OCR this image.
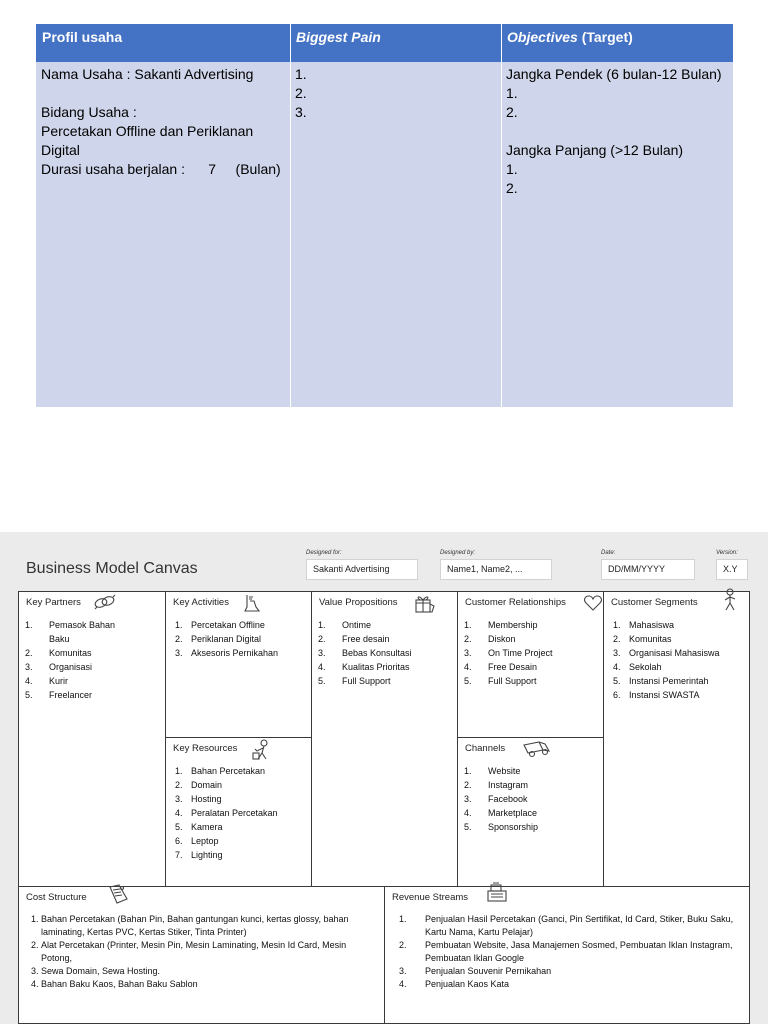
Profil usaha	Biggest Pain	Objectives (Target)
Nama Usaha : Sakanti Advertising
Bidang Usaha :
Percetakan Offline dan Periklanan
Digital
Durasi usaha berjalan :      7     (Bulan)
1.
2.
3.
Jangka Pendek (6 bulan-12 Bulan)
1.
2.
Jangka Panjang (>12 Bulan)
1.
2.
Business Model Canvas
Designed for:
Sakanti Advertising
Designed by:
Name1, Name2, ...
Date:
DD/MM/YYYY
Version:
X.Y
Key Partners
1. Pemasok Bahan Baku
2. Komunitas
3. Organisasi
4. Kurir
5. Freelancer
Key Activities
1. Percetakan Offline
2. Periklanan Digital
3. Aksesoris Pernikahan
Key Resources
1. Bahan Percetakan
2. Domain
3. Hosting
4. Peralatan Percetakan
5. Kamera
6. Leptop
7. Lighting
Value Propositions
1. Ontime
2. Free desain
3. Bebas Konsultasi
4. Kualitas Prioritas
5. Full Support
Customer Relationships
1. Membership
2. Diskon
3. On Time Project
4. Free Desain
5. Full Support
Channels
1. Website
2. Instagram
3. Facebook
4. Marketplace
5. Sponsorship
Customer Segments
1. Mahasiswa
2. Komunitas
3. Organisasi Mahasiswa
4. Sekolah
5. Instansi Pemerintah
6. Instansi SWASTA
Cost Structure
1. Bahan Percetakan (Bahan Pin, Bahan gantungan kunci, kertas glossy, bahan laminating, Kertas PVC, Kertas Stiker, Tinta Printer)
2. Alat Percetakan (Printer, Mesin Pin, Mesin Laminating, Mesin Id Card, Mesin Potong,
3. Sewa Domain, Sewa Hosting.
4. Bahan Baku Kaos, Bahan Baku Sablon
Revenue Streams
1. Penjualan Hasil Percetakan (Ganci, Pin Sertifikat, Id Card, Stiker, Buku Saku, Kartu Nama, Kartu Pelajar)
2. Pembuatan Website, Jasa Manajemen Sosmed, Pembuatan Iklan Instagram, Pembuatan Iklan Google
3. Penjualan Souvenir Pernikahan
4. Penjualan Kaos Kata
